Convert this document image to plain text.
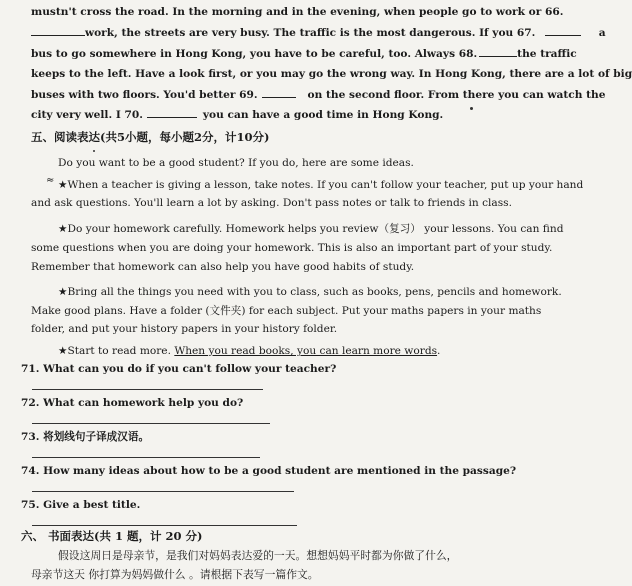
mustn't cross the road. In the morning and in the evening, when people go to work or 66.
work, the streets are very busy. The traffic is the most dangerous. If you 67.	a
bus to go somewhere in Hong Kong, you have to be careful, too. Always 68.	the traffic
keeps to the left. Have a look first, or you may go the wrong way. In Hong Kong, there are a lot of big
buses with two floors. You'd better 69.	on the second floor. From there you can watch the
city very well. I 70.	you can have a good time in Hong Kong.
五、阅读表达(共5小题，每小题2分，计10分)
Do you want to be a good student? If you do, here are some ideas.
≈ ★When a teacher is giving a lesson, take notes. If you can't follow your teacher, put up your hand
and ask questions. You'll learn a lot by asking. Don't pass notes or talk to friends in class.
★Do your homework carefully. Homework helps you review（复习） your lessons. You can find
some questions when you are doing your homework. This is also an important part of your study.
Remember that homework can also help you have good habits of study.
★Bring all the things you need with you to class, such as books, pens, pencils and homework.
Make good plans. Have a folder (文件夹) for each subject. Put your maths papers in your maths
folder, and put your history papers in your history folder.
★Start to read more. When you read books, you can learn more words.
71. What can you do if you can't follow your teacher?
72. What can homework help you do?
73. 将划线句子译成汉语。
74. How many ideas about how to be a good student are mentioned in the passage?
75. Give a best title.
六、 书面表达(共 1 题，计 20 分)
假设这周日是母亲节，是我们对妈妈表达爱的一天。想想妈妈平时都为你做了什么，
母亲节这天 你打算为妈妈做什么 。请根据下表写一篇作文。
